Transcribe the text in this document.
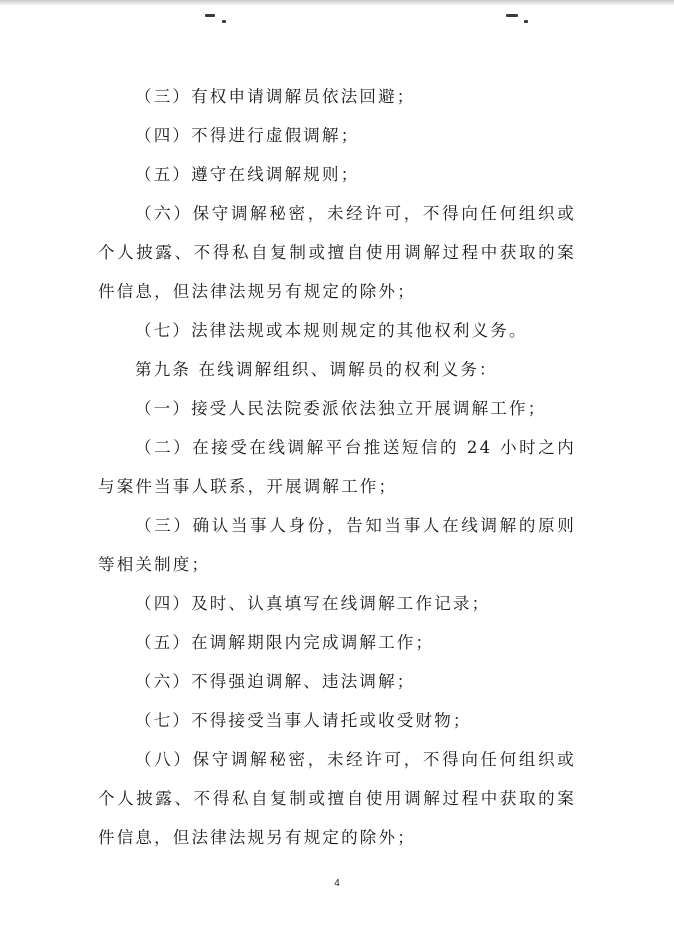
（三）有权申请调解员依法回避；

（四）不得进行虚假调解；

（五）遵守在线调解规则；

（六）保守调解秘密，未经许可，不得向任何组织或个人披露、不得私自复制或擅自使用调解过程中获取的案件信息，但法律法规另有规定的除外；

（七）法律法规或本规则规定的其他权利义务。

第九条 在线调解组织、调解员的权利义务：

（一）接受人民法院委派依法独立开展调解工作；

（二）在接受在线调解平台推送短信的 24 小时之内与案件当事人联系，开展调解工作；

（三）确认当事人身份，告知当事人在线调解的原则等相关制度；

（四）及时、认真填写在线调解工作记录；

（五）在调解期限内完成调解工作；

（六）不得强迫调解、违法调解；

（七）不得接受当事人请托或收受财物；

（八）保守调解秘密，未经许可，不得向任何组织或个人披露、不得私自复制或擅自使用调解过程中获取的案件信息，但法律法规另有规定的除外；

4
